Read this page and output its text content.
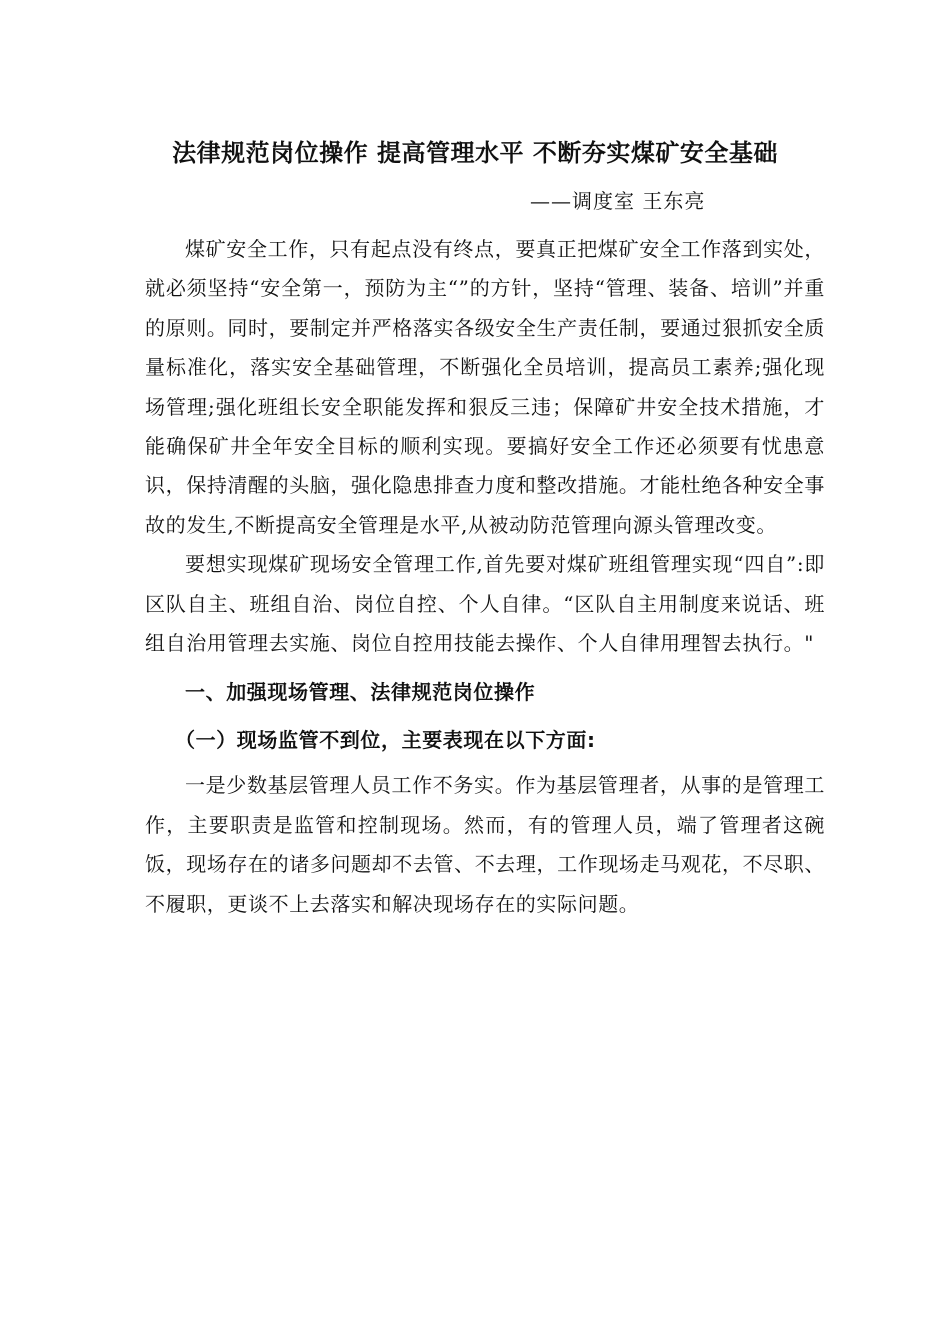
法律规范岗位操作 提高管理水平 不断夯实煤矿安全基础
——调度室 王东亮

煤矿安全工作，只有起点没有终点，要真正把煤矿安全工作落到实处，就必须坚持“安全第一，预防为主“”的方针，坚持“管理、装备、培训”并重的原则。同时，要制定并严格落实各级安全生产责任制，要通过狠抓安全质量标准化，落实安全基础管理，不断强化全员培训，提高员工素养;强化现场管理;强化班组长安全职能发挥和狠反三违；保障矿井安全技术措施，才能确保矿井全年安全目标的顺利实现。要搞好安全工作还必须要有忧患意识，保持清醒的头脑，强化隐患排查力度和整改措施。才能杜绝各种安全事故的发生,不断提高安全管理是水平,从被动防范管理向源头管理改变。

要想实现煤矿现场安全管理工作,首先要对煤矿班组管理实现“四自”:即区队自主、班组自治、岗位自控、个人自律。“区队自主用制度来说话、班组自治用管理去实施、岗位自控用技能去操作、个人自律用理智去执行。"

一、加强现场管理、法律规范岗位操作
（一）现场监管不到位，主要表现在以下方面:

一是少数基层管理人员工作不务实。作为基层管理者，从事的是管理工作，主要职责是监管和控制现场。然而，有的管理人员，端了管理者这碗饭，现场存在的诸多问题却不去管、不去理，工作现场走马观花，不尽职、不履职，更谈不上去落实和解决现场存在的实际问题。
